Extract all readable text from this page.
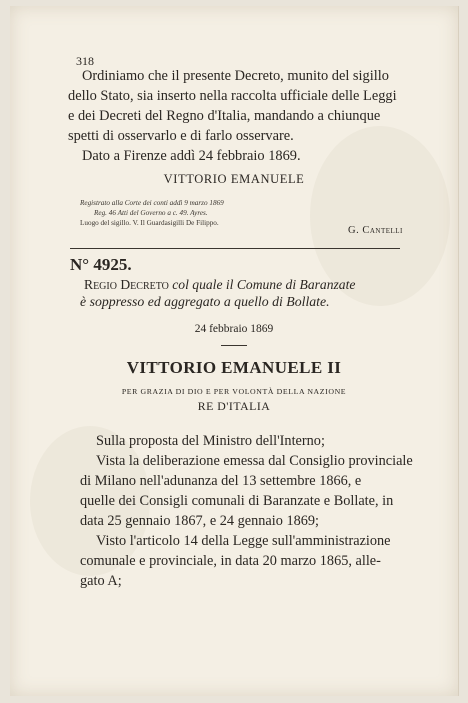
318
Ordiniamo che il presente Decreto, munito del sigillo
dello Stato, sia inserto nella raccolta ufficiale delle Leggi
e dei Decreti del Regno d'Italia, mandando a chiunque
spetti di osservarlo e di farlo osservare.
Dato a Firenze addì 24 febbraio 1869.
VITTORIO EMANUELE
Registrato alla Corte dei conti addì 9 marzo 1869
Reg. 46 Atti del Governo a c. 49. Ayres.
Luogo del sigillo. V. Il Guardasigilli De Filippo.
G. Cantelli
N° 4925.
Regio Decreto col quale il Comune di Baranzate
è soppresso ed aggregato a quello di Bollate.
24 febbraio 1869
VITTORIO EMANUELE II
PER GRAZIA DI DIO E PER VOLONTÀ DELLA NAZIONE
RE D'ITALIA
Sulla proposta del Ministro dell'Interno;
Vista la deliberazione emessa dal Consiglio provinciale
di Milano nell'adunanza del 13 settembre 1866, e
quelle dei Consigli comunali di Baranzate e Bollate, in
data 25 gennaio 1867, e 24 gennaio 1869;
Visto l'articolo 14 della Legge sull'amministrazione
comunale e provinciale, in data 20 marzo 1865, alle-
gato A;
